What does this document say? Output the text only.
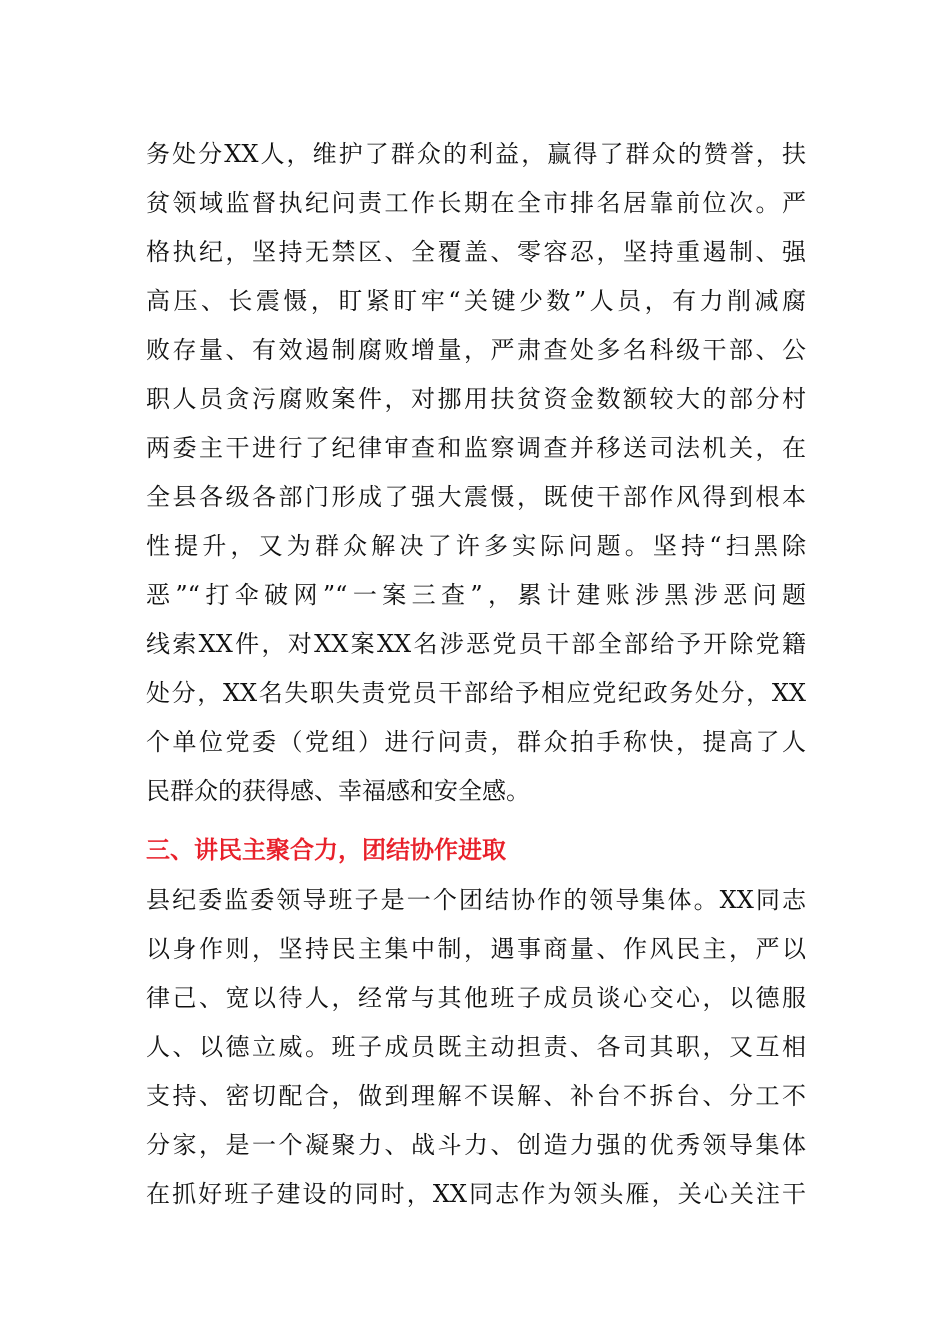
务处分XX人，维护了群众的利益，赢得了群众的赞誉，扶
贫领域监督执纪问责工作长期在全市排名居靠前位次。严
格执纪，坚持无禁区、全覆盖、零容忍，坚持重遏制、强
高压、长震慑，盯紧盯牢“关键少数”人员，有力削减腐
败存量、有效遏制腐败增量，严肃查处多名科级干部、公
职人员贪污腐败案件，对挪用扶贫资金数额较大的部分村
两委主干进行了纪律审查和监察调查并移送司法机关，在
全县各级各部门形成了强大震慑，既使干部作风得到根本
性提升，又为群众解决了许多实际问题。坚持“扫黑除
恶”“打伞破网”“一案三查”，累计建账涉黑涉恶问题
线索XX件，对XX案XX名涉恶党员干部全部给予开除党籍
处分，XX名失职失责党员干部给予相应党纪政务处分，XX
个单位党委（党组）进行问责，群众拍手称快，提高了人
民群众的获得感、幸福感和安全感。
三、讲民主聚合力，团结协作进取
县纪委监委领导班子是一个团结协作的领导集体。XX同志
以身作则，坚持民主集中制，遇事商量、作风民主，严以
律己、宽以待人，经常与其他班子成员谈心交心，以德服
人、以德立威。班子成员既主动担责、各司其职，又互相
支持、密切配合，做到理解不误解、补台不拆台、分工不
分家，是一个凝聚力、战斗力、创造力强的优秀领导集体
在抓好班子建设的同时，XX同志作为领头雁，关心关注干
